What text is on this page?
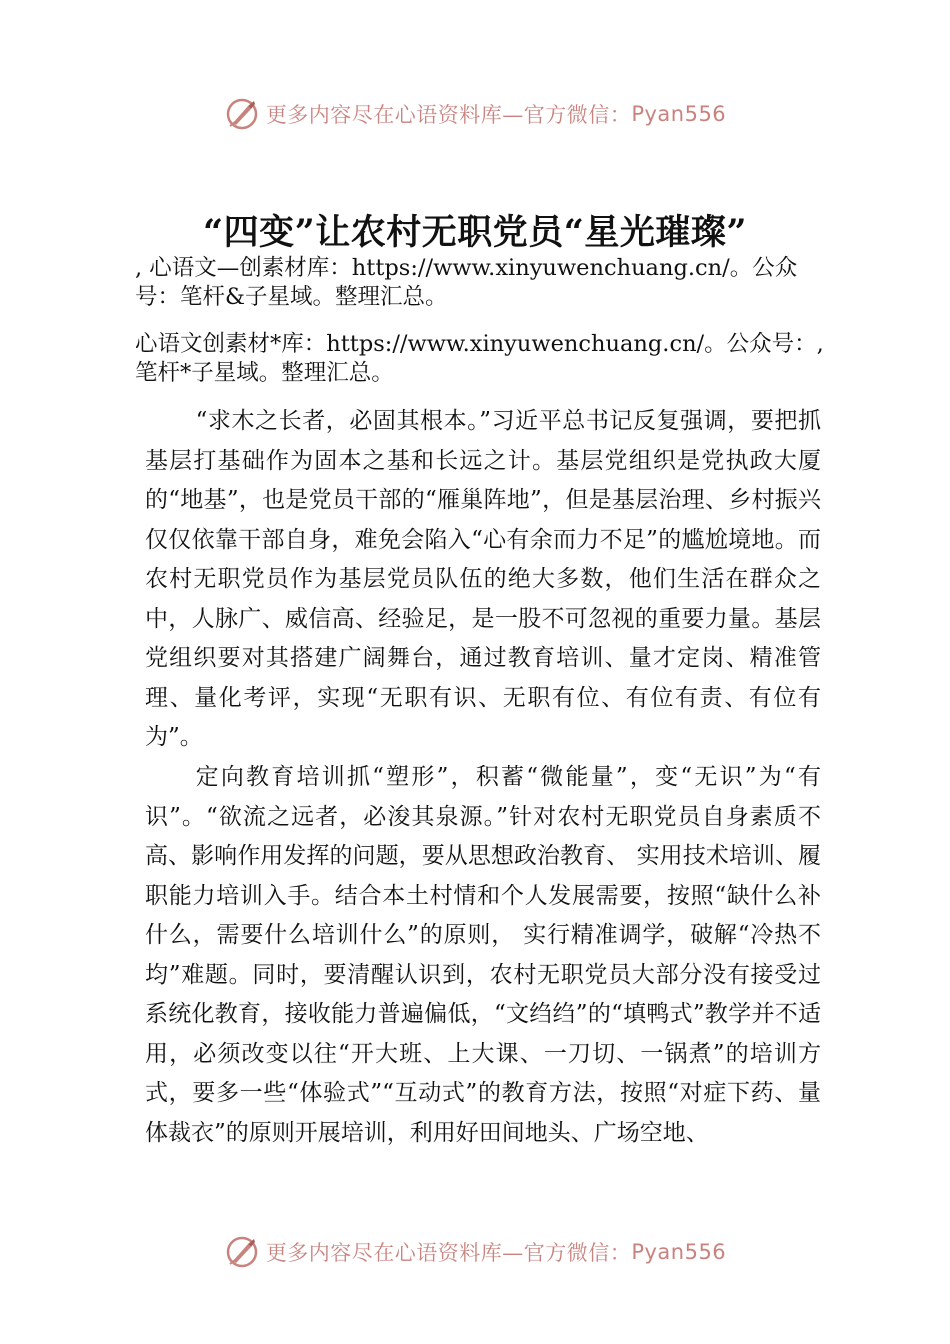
更多内容尽在心语资料库—官方微信： Pyan556
“四变”让农村无职党员“星光璀璨”

, 心语文—创素材库：https://www.xinyuwenchuang.cn/。公众号：笔杆&子星域。整理汇总。

心语文创素材*库：https://www.xinyuwenchuang.cn/。公众号：,笔杆*子星域。整理汇总。

“求木之长者，必固其根本。”习近平总书记反复强调，要把抓基层打基础作为固本之基和长远之计。基层党组织是党执政大厦的“地基”，也是党员干部的“雁巢阵地”，但是基层治理、乡村振兴仅仅依靠干部自身，难免会陷入“心有余而力不足”的尴尬境地。而农村无职党员作为基层党员队伍的绝大多数，他们生活在群众之中，人脉广、威信高、经验足，是一股不可忽视的重要力量。基层党组织要对其搭建广阔舞台，通过教育培训、量才定岗、精准管理、量化考评，实现“无职有识、无职有位、有位有责、有位有为”。

定向教育培训抓“塑形”，积蓄“微能量”，变“无识”为“有识”。“欲流之远者，必浚其泉源。”针对农村无职党员自身素质不高、影响作用发挥的问题，要从思想政治教育、 实用技术培训、履职能力培训入手。结合本土村情和个人发展需要，按照“缺什么补什么，需要什么培训什么”的原则， 实行精准调学，破解“冷热不均”难题。同时，要清醒认识到，农村无职党员大部分没有接受过系统化教育，接收能力普遍偏低，“文绉绉”的“填鸭式”教学并不适用，必须改变以往“开大班、上大课、一刀切、一锅煮”的培训方式，要多一些“体验式”“互动式”的教育方法，按照“对症下药、量体裁衣”的原则开展培训，利用好田间地头、广场空地、

更多内容尽在心语资料库—官方微信： Pyan556
